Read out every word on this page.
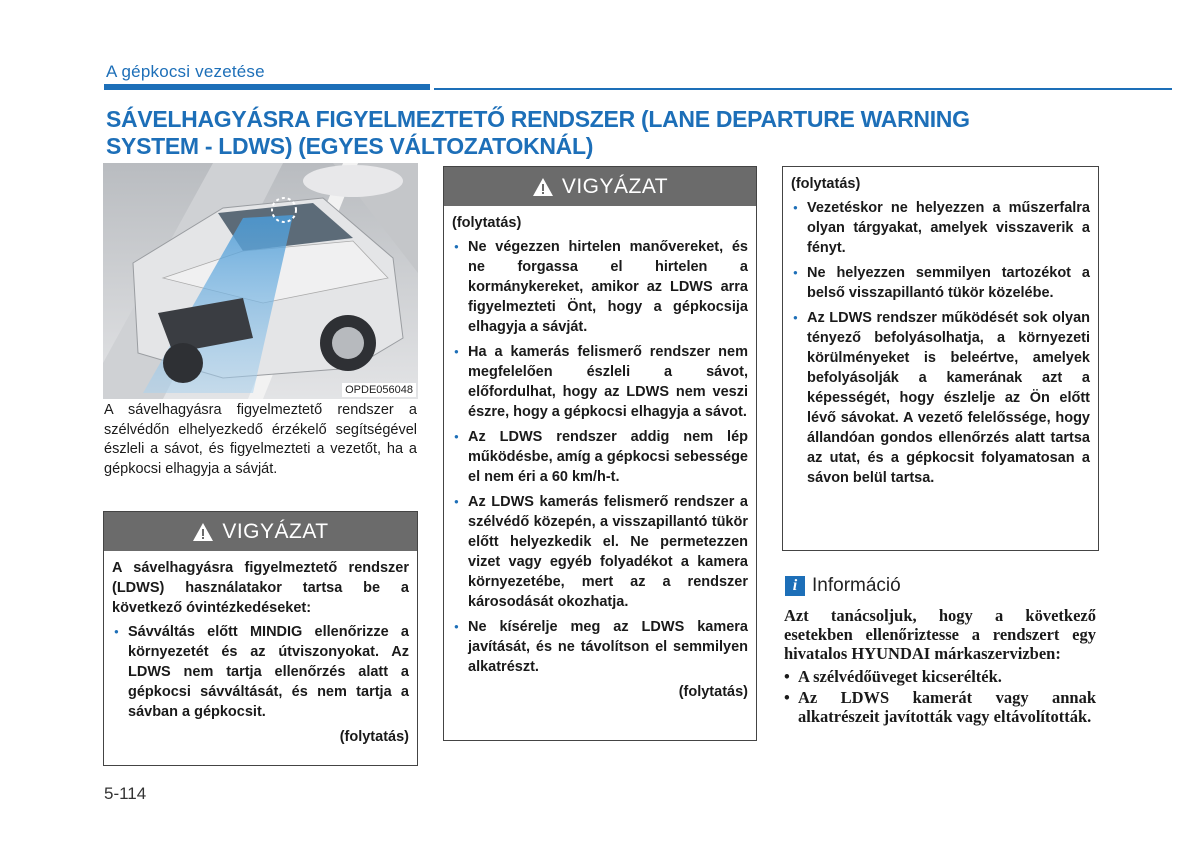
A gépkocsi vezetése
SÁVELHAGYÁSRA FIGYELMEZTETŐ RENDSZER (LANE DEPARTURE WARNING SYSTEM - LDWS) (EGYES VÁLTOZATOKNÁL)
OPDE056048
A sávelhagyásra figyelmeztető rendszer a szélvédőn elhelyezkedő érzékelő segítségével észleli a sávot, és figyelmezteti a vezetőt, ha a gépkocsi elhagyja a sávját.
VIGYÁZAT

A sávelhagyásra figyelmeztető rendszer (LDWS) használatakor tartsa be a következő óvintézkedéseket:

● Sávváltás előtt MINDIG ellenőrizze a környezetét és az útviszonyokat. Az LDWS nem tartja ellenőrzés alatt a gépkocsi sávváltását, és nem tartja a sávban a gépkocsit.
(folytatás)
VIGYÁZAT

(folytatás)

● Ne végezzen hirtelen manővereket, és ne forgassa el hirtelen a kormánykereket, amikor az LDWS arra figyelmezteti Önt, hogy a gépkocsija elhagyja a sávját.
● Ha a kamerás felismerő rendszer nem megfelelően észleli a sávot, előfordulhat, hogy az LDWS nem veszi észre, hogy a gépkocsi elhagyja a sávot.
● Az LDWS rendszer addig nem lép működésbe, amíg a gépkocsi sebessége el nem éri a 60 km/h-t.
● Az LDWS kamerás felismerő rendszer a szélvédő közepén, a visszapillantó tükör előtt helyezkedik el. Ne permetezzen vizet vagy egyéb folyadékot a kamera környezetébe, mert az a rendszer károsodását okozhatja.
● Ne kísérelje meg az LDWS kamera javítását, és ne távolítson el semmilyen alkatrészt.
(folytatás)

(folytatás)

● Vezetéskor ne helyezzen a műszerfalra olyan tárgyakat, amelyek visszaverik a fényt.
● Ne helyezzen semmilyen tartozékot a belső visszapillantó tükör közelébe.
● Az LDWS rendszer működését sok olyan tényező befolyásolhatja, a környezeti körülményeket is beleértve, amelyek befolyásolják a kamerának azt a képességét, hogy észlelje az Ön előtt lévő sávokat. A vezető felelőssége, hogy állandóan gondos ellenőrzés alatt tartsa az utat, és a gépkocsit folyamatosan a sávon belül tartsa.
i Információ

Azt tanácsoljuk, hogy a következő esetekben ellenőriztesse a rendszert egy hivatalos HYUNDAI márkaszervizben:

• A szélvédőüveget kicserélték.
• Az LDWS kamerát vagy annak alkatrészeit javították vagy eltávolították.
5-114
